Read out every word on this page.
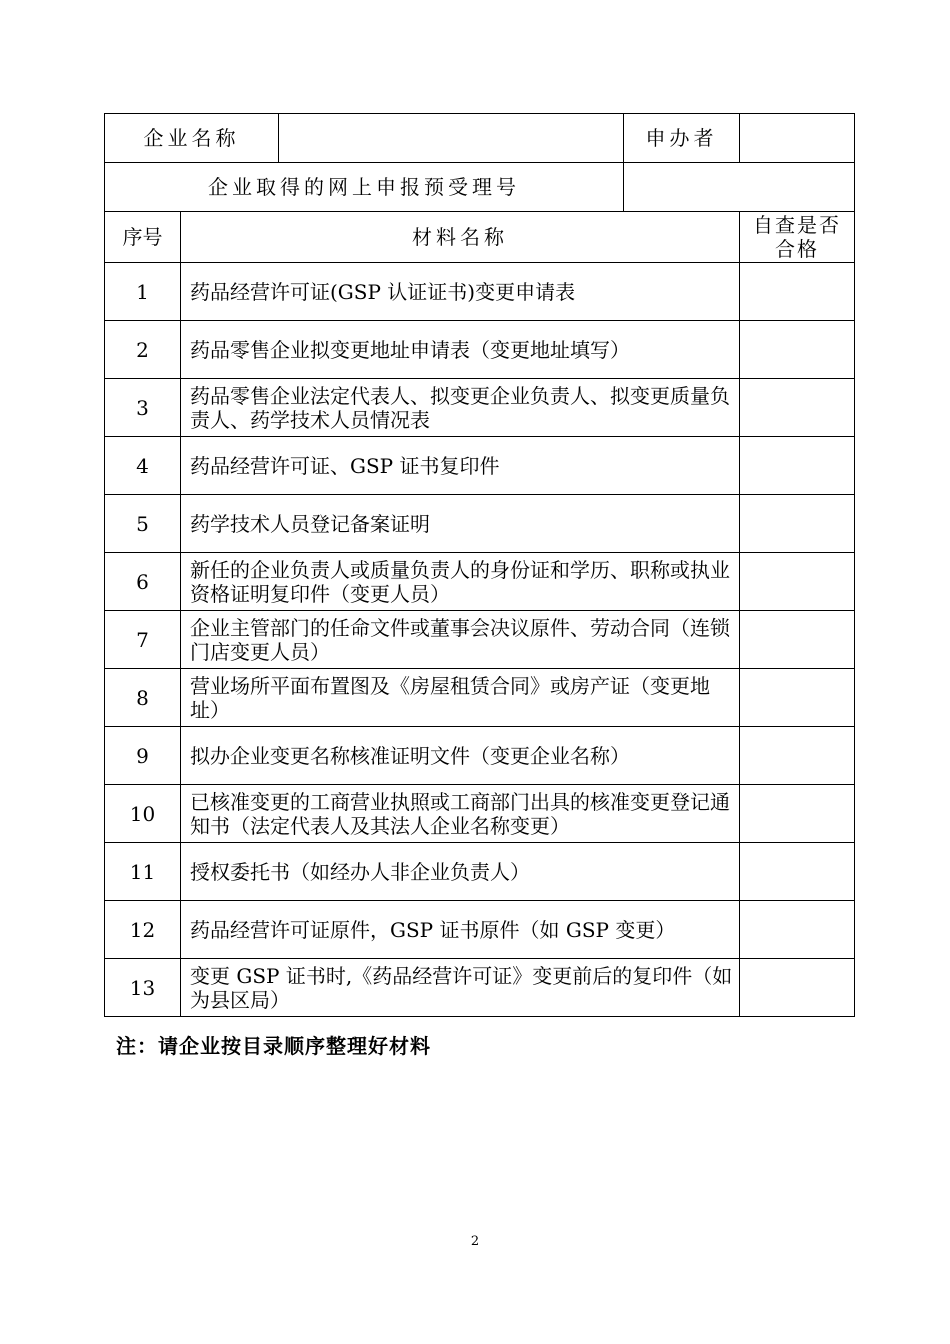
企业名称			申办者	
企业取得的网上申报预受理号				
序号	材料名称			自查是否合格
1	药品经营许可证(GSP 认证证书)变更申请表			
2	药品零售企业拟变更地址申请表（变更地址填写）			
3	药品零售企业法定代表人、拟变更企业负责人、拟变更质量负责人、药学技术人员情况表			
4	药品经营许可证、GSP 证书复印件			
5	药学技术人员登记备案证明			
6	新任的企业负责人或质量负责人的身份证和学历、职称或执业资格证明复印件（变更人员）			
7	企业主管部门的任命文件或董事会决议原件、劳动合同（连锁门店变更人员）			
8	营业场所平面布置图及《房屋租赁合同》或房产证（变更地址）			
9	拟办企业变更名称核准证明文件（变更企业名称）			
10	已核准变更的工商营业执照或工商部门出具的核准变更登记通知书（法定代表人及其法人企业名称变更）			
11	授权委托书（如经办人非企业负责人）			
12	药品经营许可证原件，GSP 证书原件（如 GSP 变更）			
13	变更 GSP 证书时,《药品经营许可证》变更前后的复印件（如为县区局）			
注：请企业按目录顺序整理好材料
2
